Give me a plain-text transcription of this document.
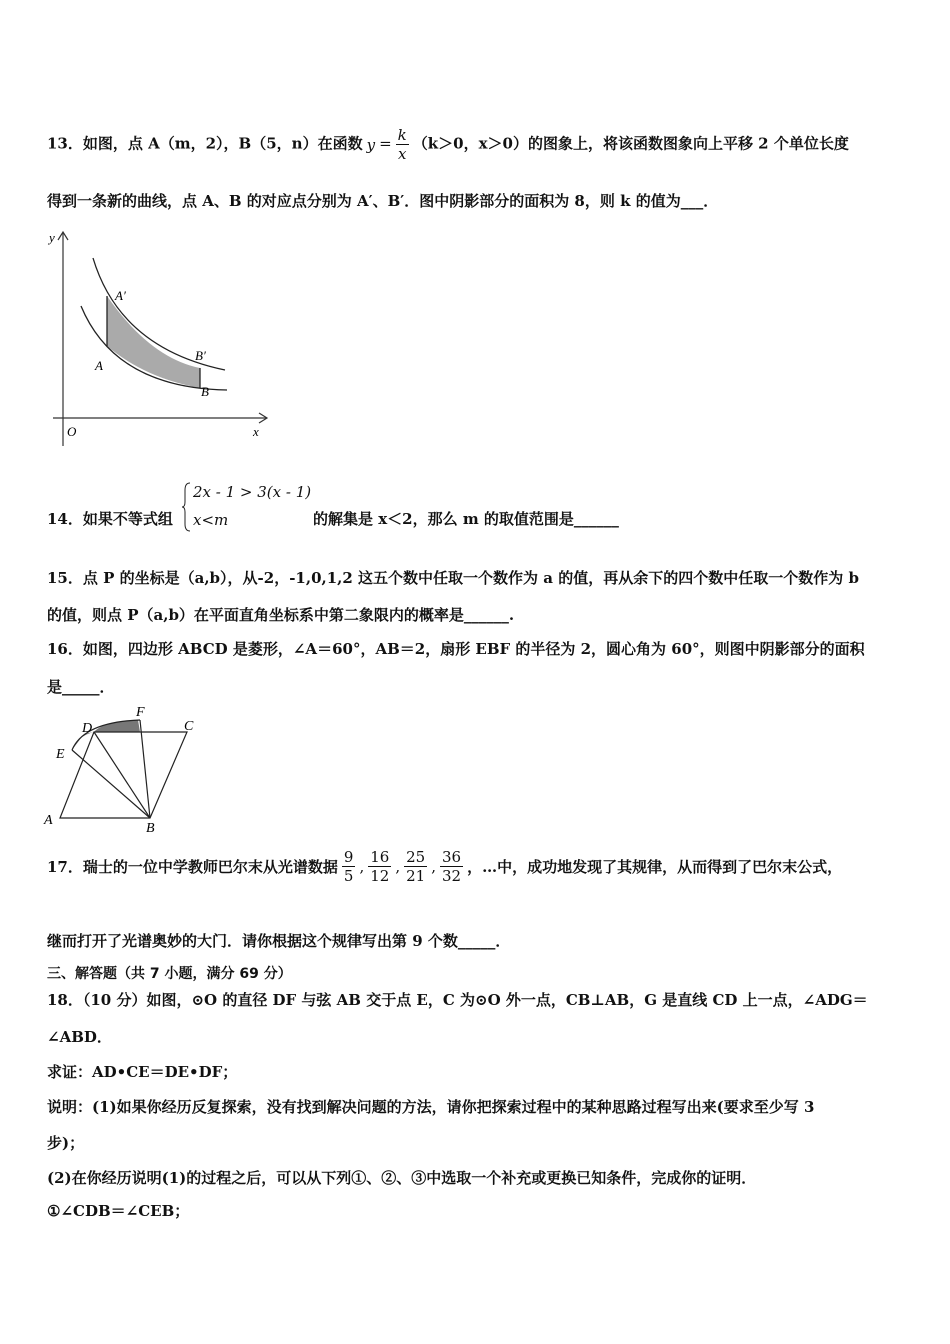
13．如图，点 A（m，2），B（5，n）在函数 $y = \frac{k}{x} (k>0$，x＞0）的图象上，将该函数图象向上平移 2 个单位长度
得到一条新的曲线，点 A、B 的对应点分别为 A′、B′．图中阴影部分的面积为 8，则 k 的值为___．
y
x
O
A
A′
B
B′
14．如果不等式组
2x - 1 > 3(x - 1)
x<m	的解集是 x＜2，那么 m 的取值范围是______
15．点 P 的坐标是（a,b），从-2，-1,0,1,2 这五个数中任取一个数作为 a 的值，再从余下的四个数中任取一个数作为 b
的值，则点 P（a,b）在平面直角坐标系中第二象限内的概率是______.
16．如图，四边形 ABCD 是菱形，∠A＝60°，AB＝2，扇形 EBF 的半径为 2，圆心角为 60°，则图中阴影部分的面积
是_____．
A
B
C
D
E
F
17．瑞士的一位中学教师巴尔末从光谱数据 $\frac{9}{5}$ , $\frac{16}{12}$ , $\frac{25}{21}$ , $\frac{36}{32}$ ，…中，成功地发现了其规律，从而得到了巴尔末公式，
继而打开了光谱奥妙的大门．请你根据这个规律写出第 9 个数_____．
三、解答题（共 7 小题，满分 69 分）
18．（10 分）如图，⊙O 的直径 DF 与弦 AB 交于点 E，C 为⊙O 外一点，CB⊥AB，G 是直线 CD 上一点，∠ADG＝
∠ABD．
求证：AD•CE＝DE•DF；
说明：(1)如果你经历反复探索，没有找到解决问题的方法，请你把探索过程中的某种思路过程写出来(要求至少写 3
步)；
(2)在你经历说明(1)的过程之后，可以从下列①、②、③中选取一个补充或更换已知条件，完成你的证明．
①∠CDB＝∠CEB；
